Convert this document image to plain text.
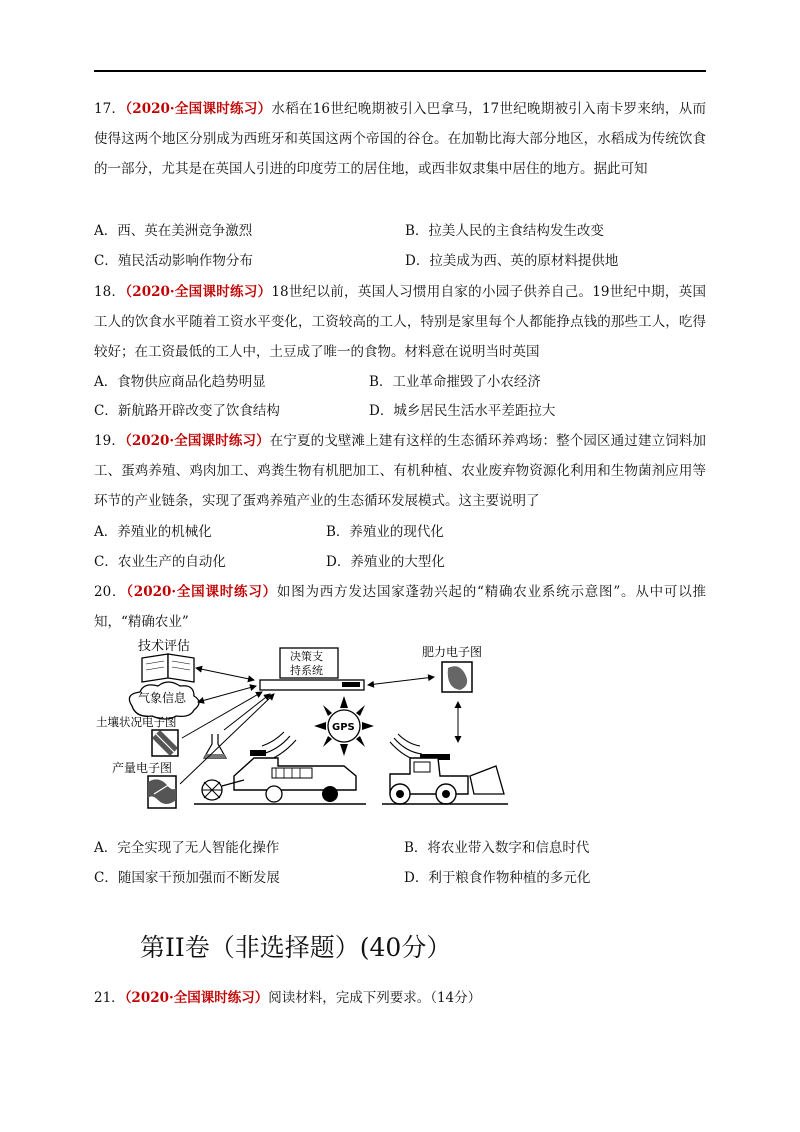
17．（2020·全国课时练习）水稻在16世纪晚期被引入巴拿马，17世纪晚期被引入南卡罗来纳，从而使得这两个地区分别成为西班牙和英国这两个帝国的谷仓。在加勒比海大部分地区，水稻成为传统饮食的一部分，尤其是在英国人引进的印度劳工的居住地，或西非奴隶集中居住的地方。据此可知
A．西、英在美洲竞争激烈	B．拉美人民的主食结构发生改变
C．殖民活动影响作物分布	D．拉美成为西、英的原材料提供地
18．（2020·全国课时练习）18世纪以前，英国人习惯用自家的小园子供养自己。19世纪中期，英国工人的饮食水平随着工资水平变化，工资较高的工人，特别是家里每个人都能挣点钱的那些工人，吃得较好；在工资最低的工人中，土豆成了唯一的食物。材料意在说明当时英国
A．食物供应商品化趋势明显	B．工业革命摧毁了小农经济
C．新航路开辟改变了饮食结构	D．城乡居民生活水平差距拉大
19．（2020·全国课时练习）在宁夏的戈壁滩上建有这样的生态循环养鸡场：整个园区通过建立饲料加工、蛋鸡养殖、鸡肉加工、鸡粪生物有机肥加工、有机种植、农业废弃物资源化利用和生物菌剂应用等环节的产业链条，实现了蛋鸡养殖产业的生态循环发展模式。这主要说明了
A．养殖业的机械化	B．养殖业的现代化
C．农业生产的自动化	D．养殖业的大型化
20．（2020·全国课时练习）如图为西方发达国家蓬勃兴起的“精确农业系统示意图”。从中可以推知，“精确农业”
技术评估
气象信息
土壤状况电子图
产量电子图
决策支
持系统
肥力电子图
GPS
A．完全实现了无人智能化操作	B．将农业带入数字和信息时代
C．随国家干预加强而不断发展	D．利于粮食作物种植的多元化
第II卷（非选择题）(40分）
21．（2020·全国课时练习）阅读材料，完成下列要求。（14分）
